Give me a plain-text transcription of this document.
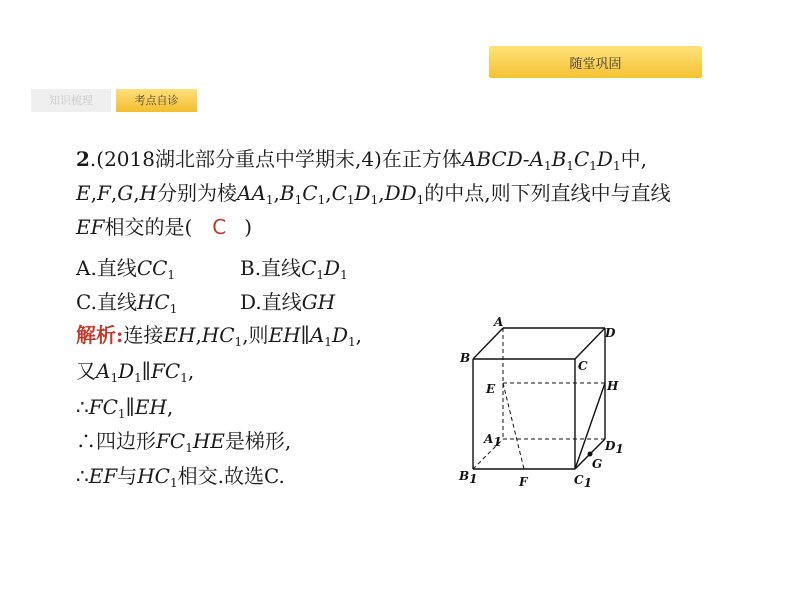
随堂巩固
知识梳理	考点自诊
2.(2018湖北部分重点中学期末,4)在正方体ABCD-$A_1B_1C_1D_1$中,
E,F,G,H分别为棱$AA_1,B_1C_1,C_1D_1,DD_1$的中点,则下列直线中与直线
EF相交的是( C )
A.直线$CC_1$	B.直线$C_1D_1$
C.直线$HC_1$	D.直线GH
解析:连接$EH,HC_1$,则$EH\parallel A_1D_1$,
又$A_1D_1\parallel FC_1$,
$\therefore FC_1\parallel EH$,
∴四边形$FC_1HE$是梯形,
∴EF与$HC_1$相交.故选C.
A
B
C
D
E	H
A1	D1
B1	F	C1
G
